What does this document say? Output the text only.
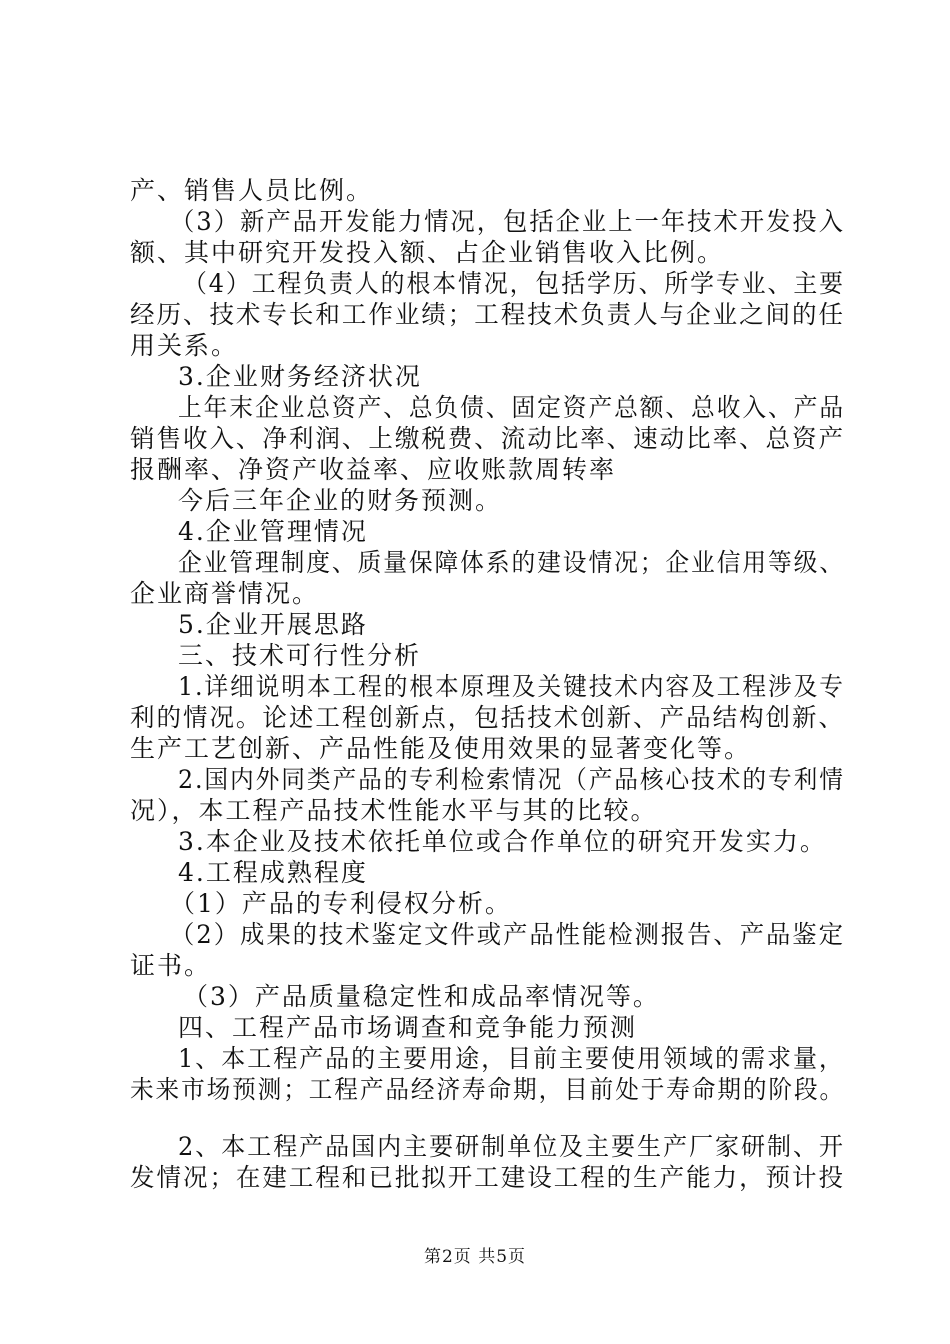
产、销售人员比例。
（3）新产品开发能力情况，包括企业上一年技术开发投入
额、其中研究开发投入额、占企业销售收入比例。
（4）工程负责人的根本情况，包括学历、所学专业、主要
经历、技术专长和工作业绩；工程技术负责人与企业之间的任
用关系。
3.企业财务经济状况
上年末企业总资产、总负债、固定资产总额、总收入、产品
销售收入、净利润、上缴税费、流动比率、速动比率、总资产
报酬率、净资产收益率、应收账款周转率
今后三年企业的财务预测。
4.企业管理情况
企业管理制度、质量保障体系的建设情况；企业信用等级、
企业商誉情况。
5.企业开展思路
三、技术可行性分析
1.详细说明本工程的根本原理及关键技术内容及工程涉及专
利的情况。论述工程创新点，包括技术创新、产品结构创新、
生产工艺创新、产品性能及使用效果的显著变化等。
2.国内外同类产品的专利检索情况（产品核心技术的专利情
况），本工程产品技术性能水平与其的比较。
3.本企业及技术依托单位或合作单位的研究开发实力。
4.工程成熟程度
（1）产品的专利侵权分析。
（2）成果的技术鉴定文件或产品性能检测报告、产品鉴定
证书。
（3）产品质量稳定性和成品率情况等。
四、工程产品市场调查和竞争能力预测
1、本工程产品的主要用途，目前主要使用领域的需求量，
未来市场预测；工程产品经济寿命期，目前处于寿命期的阶段。
2、本工程产品国内主要研制单位及主要生产厂家研制、开
发情况；在建工程和已批拟开工建设工程的生产能力，预计投
第2页 共5页
